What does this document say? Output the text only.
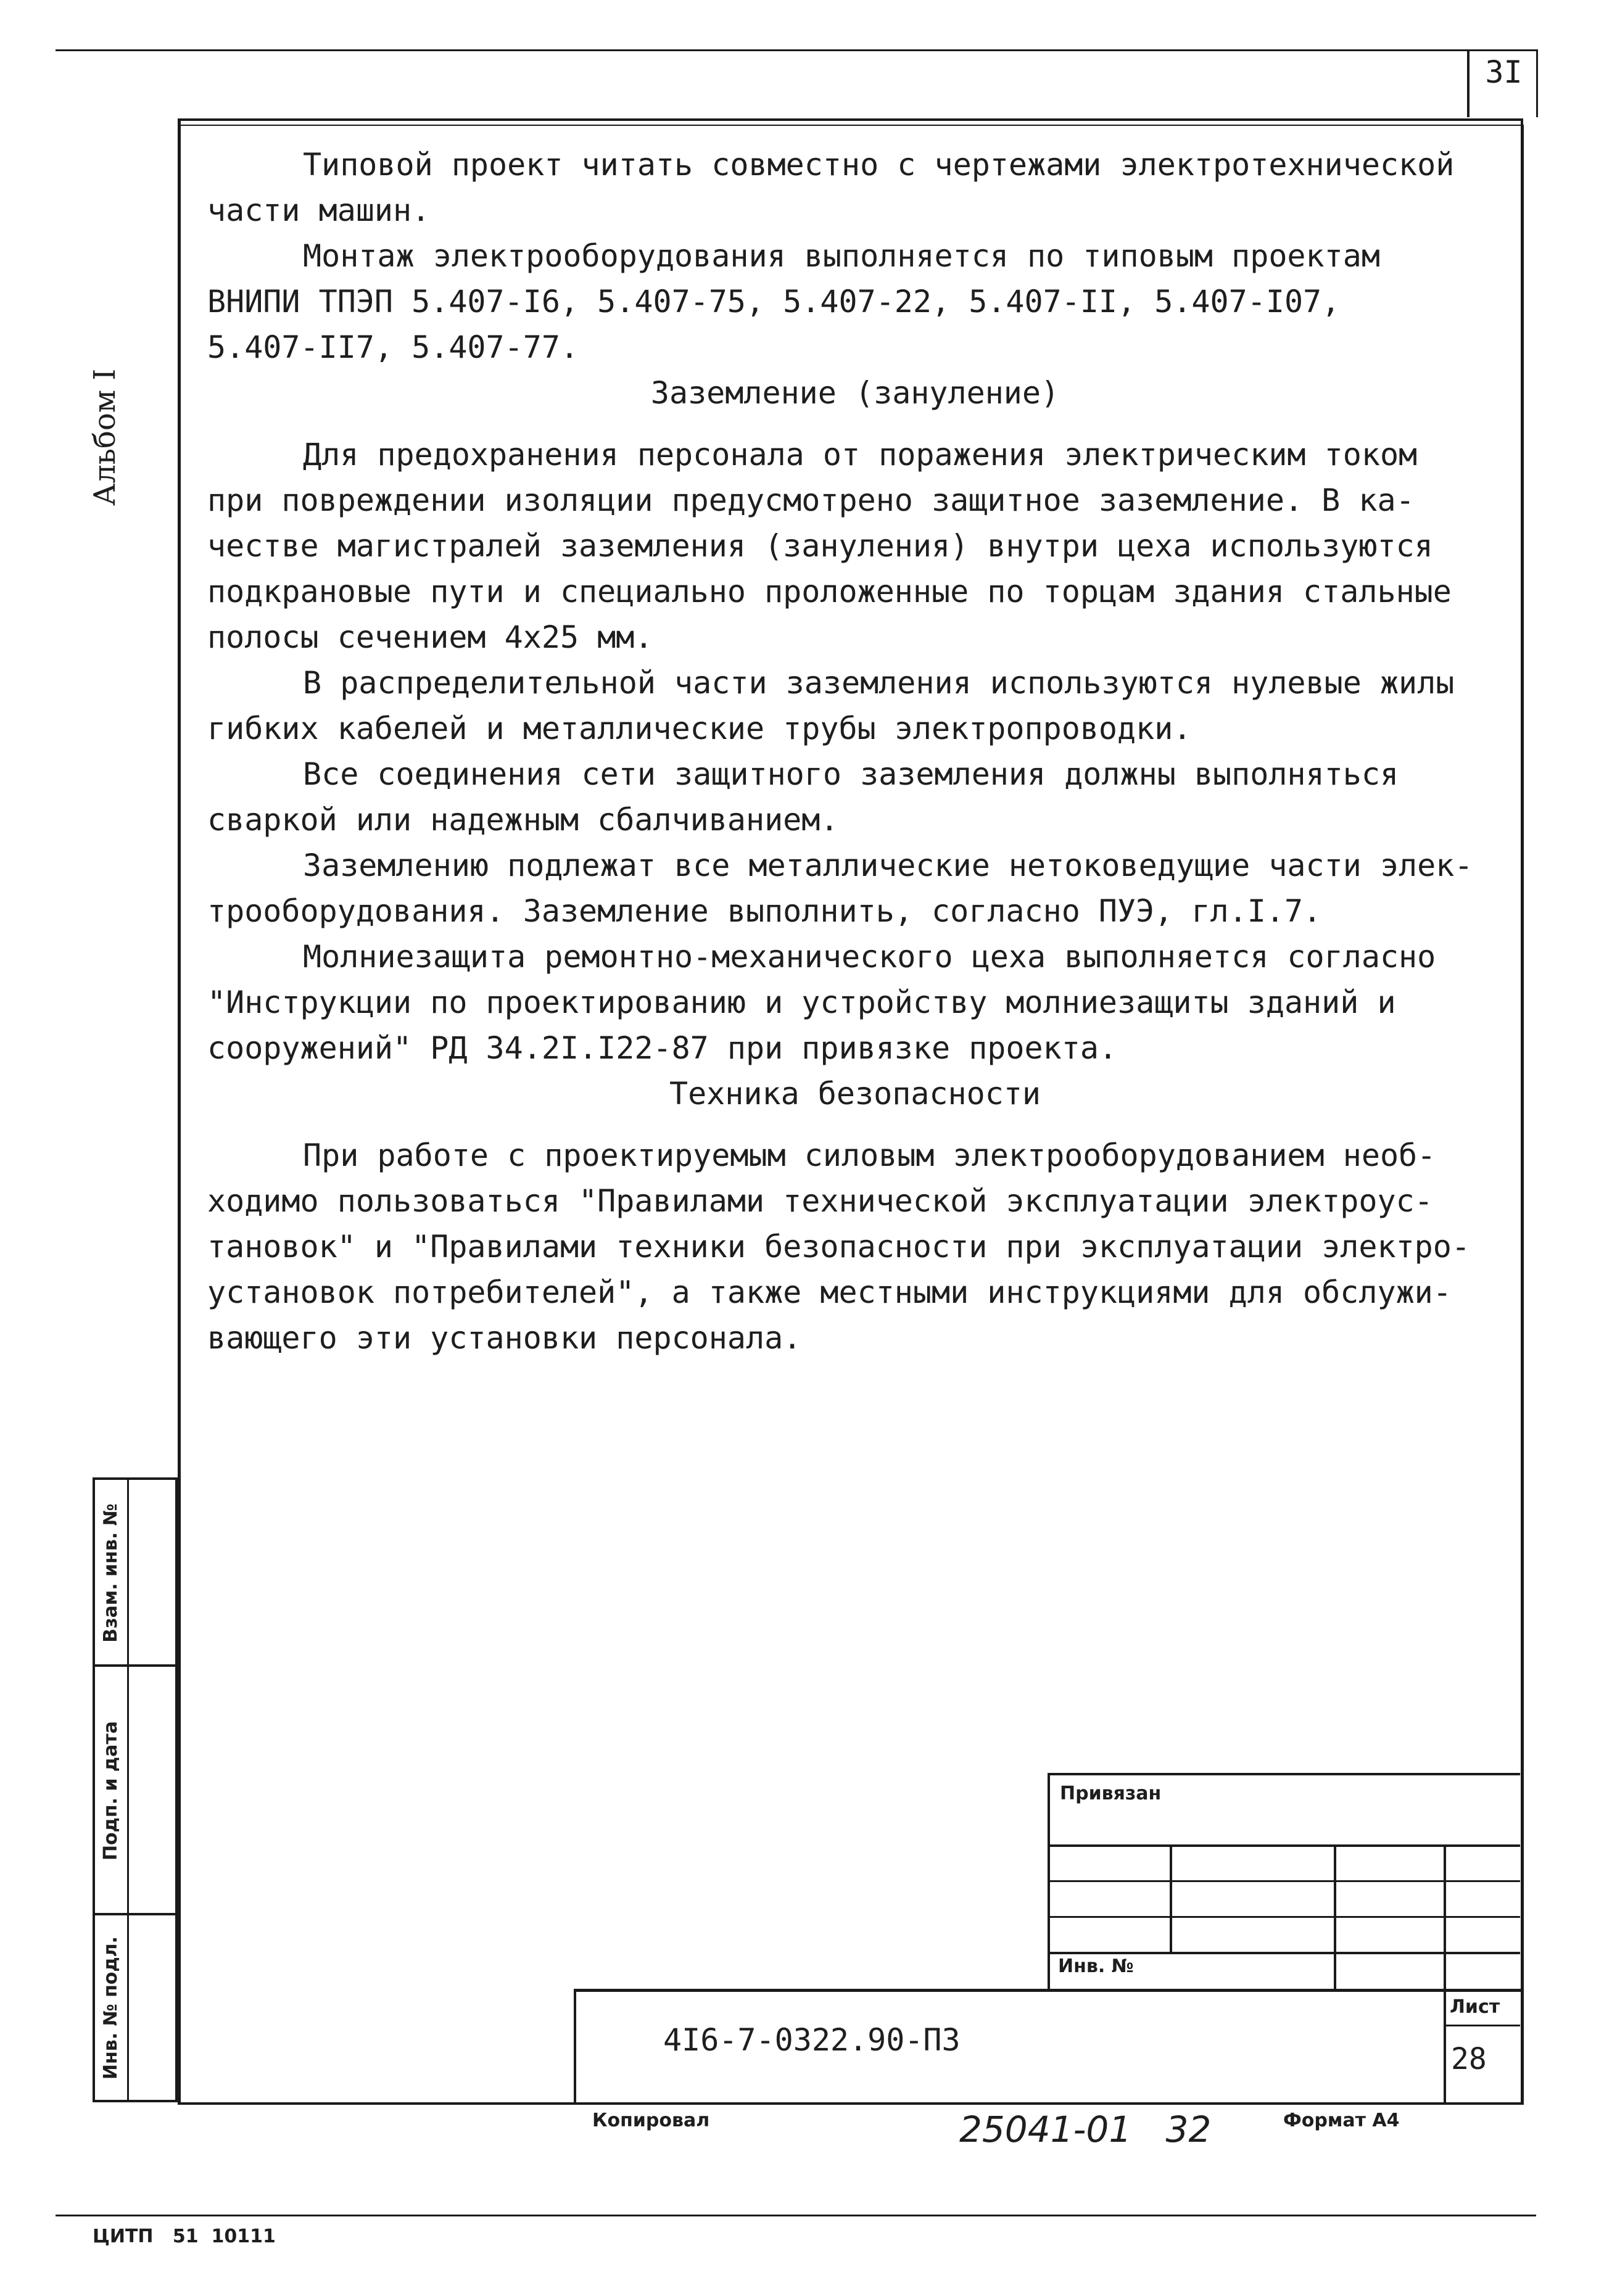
3I
Альбом I
Типовой проект читать совместно с чертежами электротехнической
части машин.
Монтаж электрооборудования выполняется по типовым проектам
ВНИПИ ТПЭП 5.407-I6, 5.407-75, 5.407-22, 5.407-II, 5.407-I07,
5.407-II7, 5.407-77.
Заземление (зануление)
Для предохранения персонала от поражения электрическим током
при повреждении изоляции предусмотрено защитное заземление. В ка-
честве магистралей заземления (зануления) внутри цеха используются
подкрановые пути и специально проложенные по торцам здания стальные
полосы сечением 4х25 мм.
В распределительной части заземления используются нулевые жилы
гибких кабелей и металлические трубы электропроводки.
Все соединения сети защитного заземления должны выполняться
сваркой или надежным сбалчиванием.
Заземлению подлежат все металлические нетоковедущие части элек-
трооборудования. Заземление выполнить, согласно ПУЭ, гл.I.7.
Молниезащита ремонтно-механического цеха выполняется согласно
"Инструкции по проектированию и устройству молниезащиты зданий и
сооружений" РД 34.2I.I22-87 при привязке проекта.
Техника безопасности
При работе с проектируемым силовым электрооборудованием необ-
ходимо пользоваться "Правилами технической эксплуатации электроус-
тановок" и "Правилами техники безопасности при эксплуатации электро-
установок потребителей", а также местными инструкциями для обслужи-
вающего эти установки персонала.
Взам. инв. №
Подп. и дата
Инв. № подл.
Привязан
Инв. №
4I6-7-0322.90-ПЗ
Лист
28
Копировал	25041-01   32	Формат А4
ЦИТП   51  10111
